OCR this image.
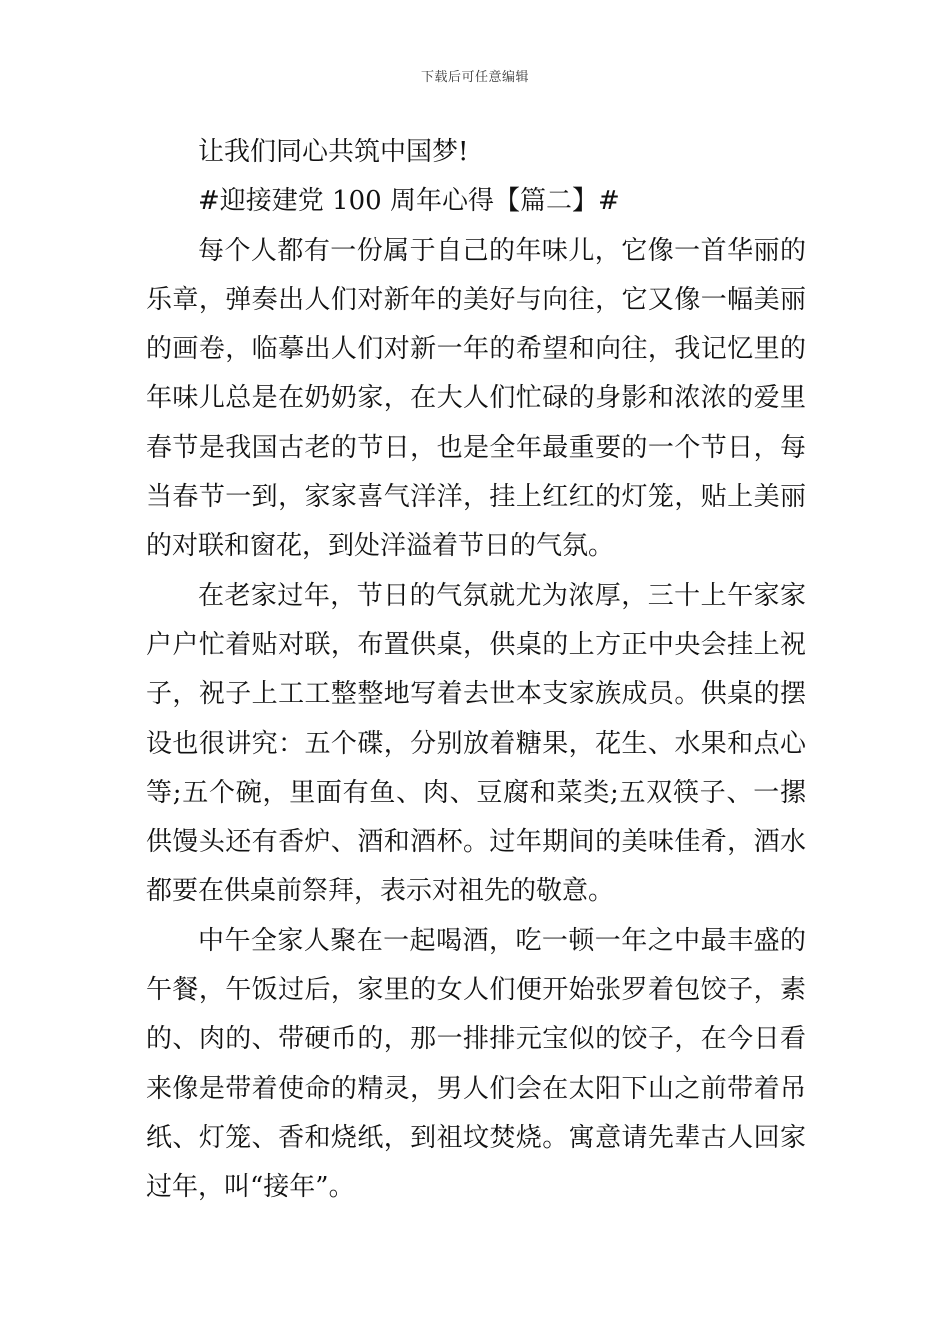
下载后可任意编辑
让我们同心共筑中国梦!
#迎接建党 100 周年心得【篇二】#
每个人都有一份属于自己的年味儿，它像一首华丽的
乐章，弹奏出人们对新年的美好与向往，它又像一幅美丽
的画卷，临摹出人们对新一年的希望和向往，我记忆里的
年味儿总是在奶奶家，在大人们忙碌的身影和浓浓的爱里
春节是我国古老的节日，也是全年最重要的一个节日，每
当春节一到，家家喜气洋洋，挂上红红的灯笼，贴上美丽
的对联和窗花，到处洋溢着节日的气氛。
在老家过年，节日的气氛就尤为浓厚，三十上午家家
户户忙着贴对联，布置供桌，供桌的上方正中央会挂上祝
子，祝子上工工整整地写着去世本支家族成员。供桌的摆
设也很讲究：五个碟，分别放着糖果，花生、水果和点心
等;五个碗，里面有鱼、肉、豆腐和菜类;五双筷子、一摞
供馒头还有香炉、酒和酒杯。过年期间的美味佳肴，酒水
都要在供桌前祭拜，表示对祖先的敬意。
中午全家人聚在一起喝酒，吃一顿一年之中最丰盛的
午餐，午饭过后，家里的女人们便开始张罗着包饺子，素
的、肉的、带硬币的，那一排排元宝似的饺子，在今日看
来像是带着使命的精灵，男人们会在太阳下山之前带着吊
纸、灯笼、香和烧纸，到祖坟焚烧。寓意请先辈古人回家
过年，叫“接年”。
